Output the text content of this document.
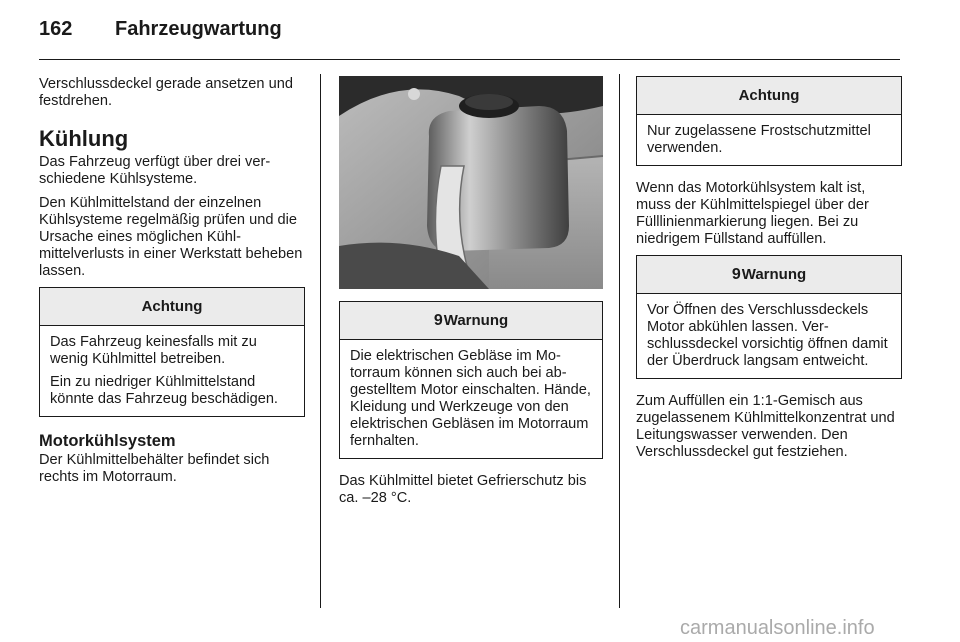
162 Fahrzeugwartung

Verschlussdeckel gerade ansetzen und festdrehen.

Kühlung

Das Fahrzeug verfügt über drei verschiedene Kühlsysteme.

Den Kühlmittelstand der einzelnen Kühlsysteme regelmäßig prüfen und die Ursache eines möglichen Kühlmittelverlusts in einer Werkstatt beheben lassen.

Achtung

Das Fahrzeug keinesfalls mit zu wenig Kühlmittel betreiben.

Ein zu niedriger Kühlmittelstand könnte das Fahrzeug beschädigen.

Motorkühlsystem

Der Kühlmittelbehälter befindet sich rechts im Motorraum.

9Warnung

Die elektrischen Gebläse im Motorraum können sich auch bei abgestelltem Motor einschalten. Hände, Kleidung und Werkzeuge von den elektrischen Gebläsen im Motorraum fernhalten.

Das Kühlmittel bietet Gefrierschutz bis ca. –28 °C.

Achtung

Nur zugelassene Frostschutzmittel verwenden.

Wenn das Motorkühlsystem kalt ist, muss der Kühlmittelspiegel über der Fülllinienmarkierung liegen. Bei zu niedrigem Füllstand auffüllen.

9Warnung

Vor Öffnen des Verschlussdeckels Motor abkühlen lassen. Verschlussdeckel vorsichtig öffnen damit der Überdruck langsam entweicht.

Zum Auffüllen ein 1:1-Gemisch aus zugelassenem Kühlmittelkonzentrat und Leitungswasser verwenden. Den Verschlussdeckel gut festziehen.

carmanualsonline.info
